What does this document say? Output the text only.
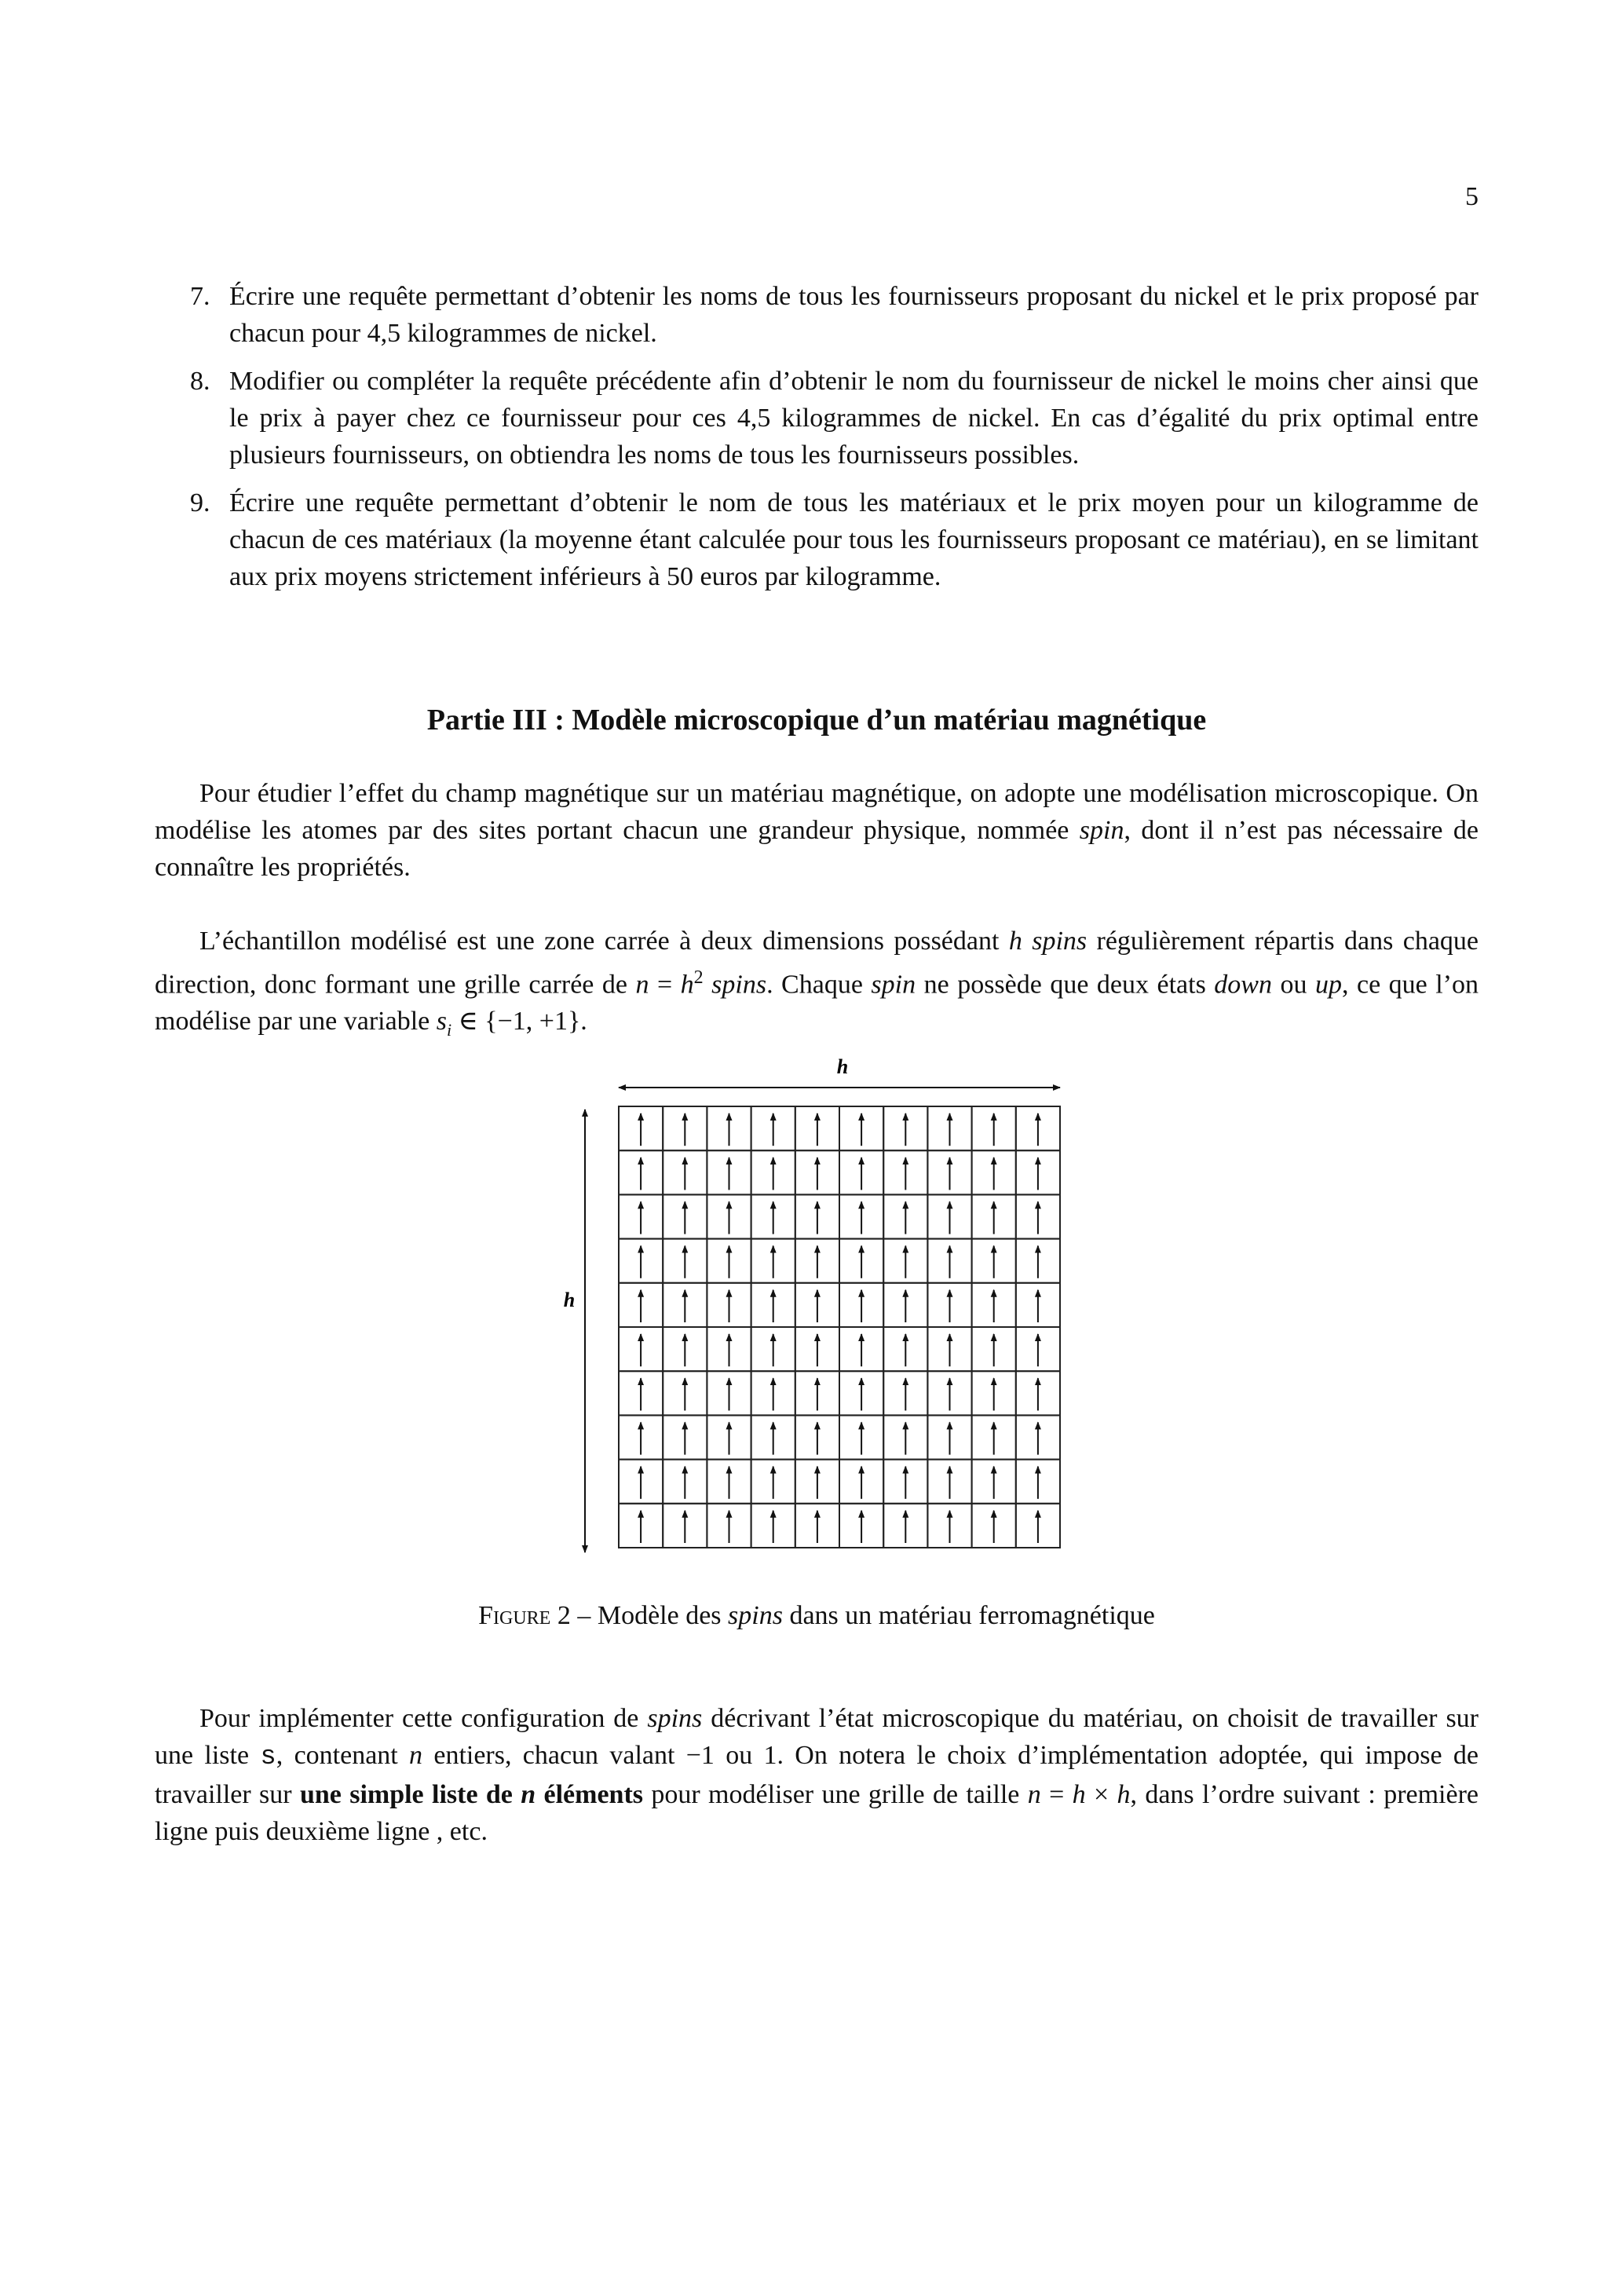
5
7. Écrire une requête permettant d’obtenir les noms de tous les fournisseurs proposant du nickel et le prix proposé par chacun pour 4,5 kilogrammes de nickel.
8. Modifier ou compléter la requête précédente afin d’obtenir le nom du fournisseur de nickel le moins cher ainsi que le prix à payer chez ce fournisseur pour ces 4,5 kilogrammes de nickel. En cas d’égalité du prix optimal entre plusieurs fournisseurs, on obtiendra les noms de tous les fournisseurs possibles.
9. Écrire une requête permettant d’obtenir le nom de tous les matériaux et le prix moyen pour un kilogramme de chacun de ces matériaux (la moyenne étant calculée pour tous les fournisseurs proposant ce matériau), en se limitant aux prix moyens strictement inférieurs à 50 euros par kilogramme.
Partie III : Modèle microscopique d’un matériau magnétique
Pour étudier l’effet du champ magnétique sur un matériau magnétique, on adopte une modélisation microscopique. On modélise les atomes par des sites portant chacun une grandeur physique, nommée spin, dont il n’est pas nécessaire de connaître les propriétés.
L’échantillon modélisé est une zone carrée à deux dimensions possédant h spins régulièrement répartis dans chaque direction, donc formant une grille carrée de $n = h^2$ spins. Chaque spin ne possède que deux états down ou up, ce que l’on modélise par une variable $s_i$ ∈ {−1, +1}.
h
h
Figure 2 – Modèle des spins dans un matériau ferromagnétique
Pour implémenter cette configuration de spins décrivant l’état microscopique du matériau, on choisit de travailler sur une liste s, contenant n entiers, chacun valant −1 ou 1. On notera le choix d’implémentation adoptée, qui impose de travailler sur une simple liste de n éléments pour modéliser une grille de taille n = h × h, dans l’ordre suivant : première ligne puis deuxième ligne , etc.
